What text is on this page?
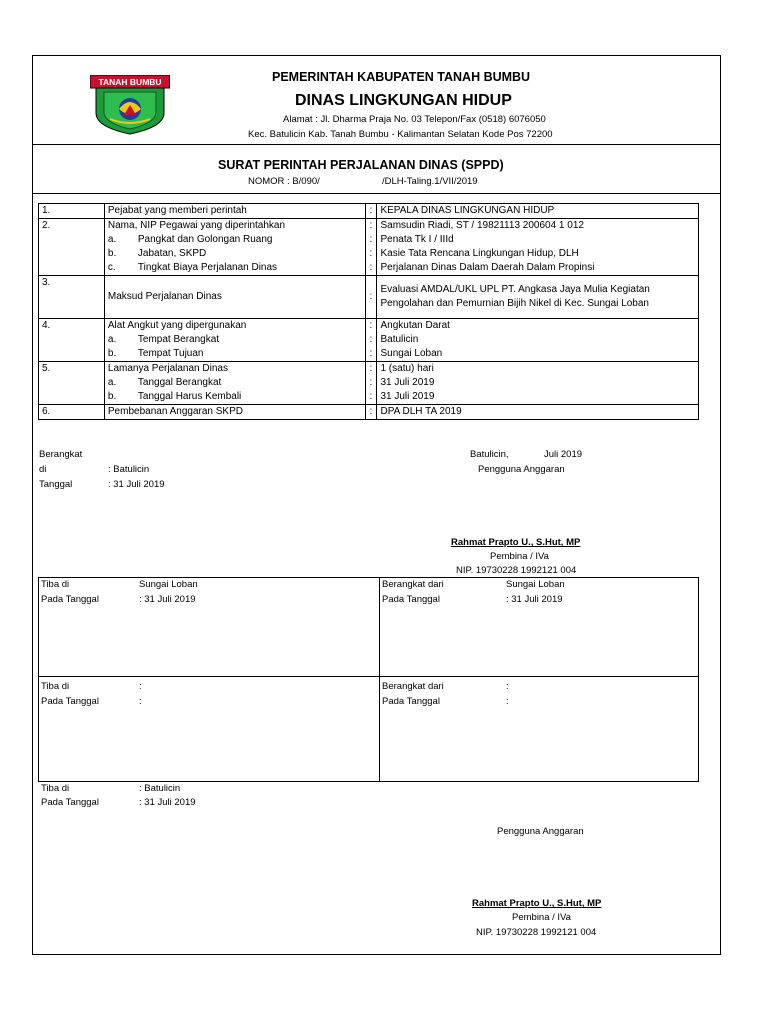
TANAH BUMBU	PEMERINTAH KABUPATEN TANAH BUMBU
DINAS LINGKUNGAN HIDUP
Alamat : Jl. Dharma Praja No. 03 Telepon/Fax (0518) 6076050
Kec. Batulicin Kab. Tanah Bumbu - Kalimantan Selatan Kode Pos 72200
SURAT PERINTAH PERJALANAN DINAS (SPPD)
NOMOR : B/090/	/DLH-Taling.1/VII/2019
1.	Pejabat yang memberi perintah	:	KEPALA DINAS LINGKUNGAN HIDUP
2.	Nama, NIP Pegawai yang diperintahkan	:	Samsudin Riadi, ST / 19821113 200604 1 012
	a. Pangkat dan Golongan Ruang	:	Penata Tk I / IIId
	b. Jabatan, SKPD	:	Kasie Tata Rencana Lingkungan Hidup, DLH
	c. Tingkat Biaya Perjalanan Dinas	:	Perjalanan Dinas Dalam Daerah Dalam Propinsi
3.	Maksud Perjalanan Dinas	:	Evaluasi AMDAL/UKL UPL PT. Angkasa Jaya Mulia Kegiatan
Pengolahan dan Pemurnian Bijih Nikel di Kec. Sungai Loban

4.	Alat Angkut yang dipergunakan	:	Angkutan Darat
	a. Tempat Berangkat	:	Batulicin
	b. Tempat Tujuan	:	Sungai Loban
5.	Lamanya Perjalanan Dinas	:	1 (satu) hari
	a. Tanggal Berangkat	:	31 Juli 2019
	b. Tanggal Harus Kembali	:	31 Juli 2019
6.	Pembebanan Anggaran SKPD	:	DPA DLH TA 2019
Berangkat
di	: Batulicin
Tanggal	: 31 Juli 2019
Batulicin,	Juli 2019
Pengguna Anggaran
Rahmat Prapto U., S.Hut, MP
Pembina / IVa
NIP. 19730228 1992121 004
Tiba di	Sungai Loban
Pada Tanggal	: 31 Juli 2019
Berangkat dari	Sungai Loban
Pada Tanggal	: 31 Juli 2019
Tiba di	:
Pada Tanggal	:
Berangkat dari	:
Pada Tanggal	:
Tiba di	: Batulicin
Pada Tanggal	: 31 Juli 2019
Pengguna Anggaran
Rahmat Prapto U., S.Hut, MP
Pembina / IVa
NIP. 19730228 1992121 004
